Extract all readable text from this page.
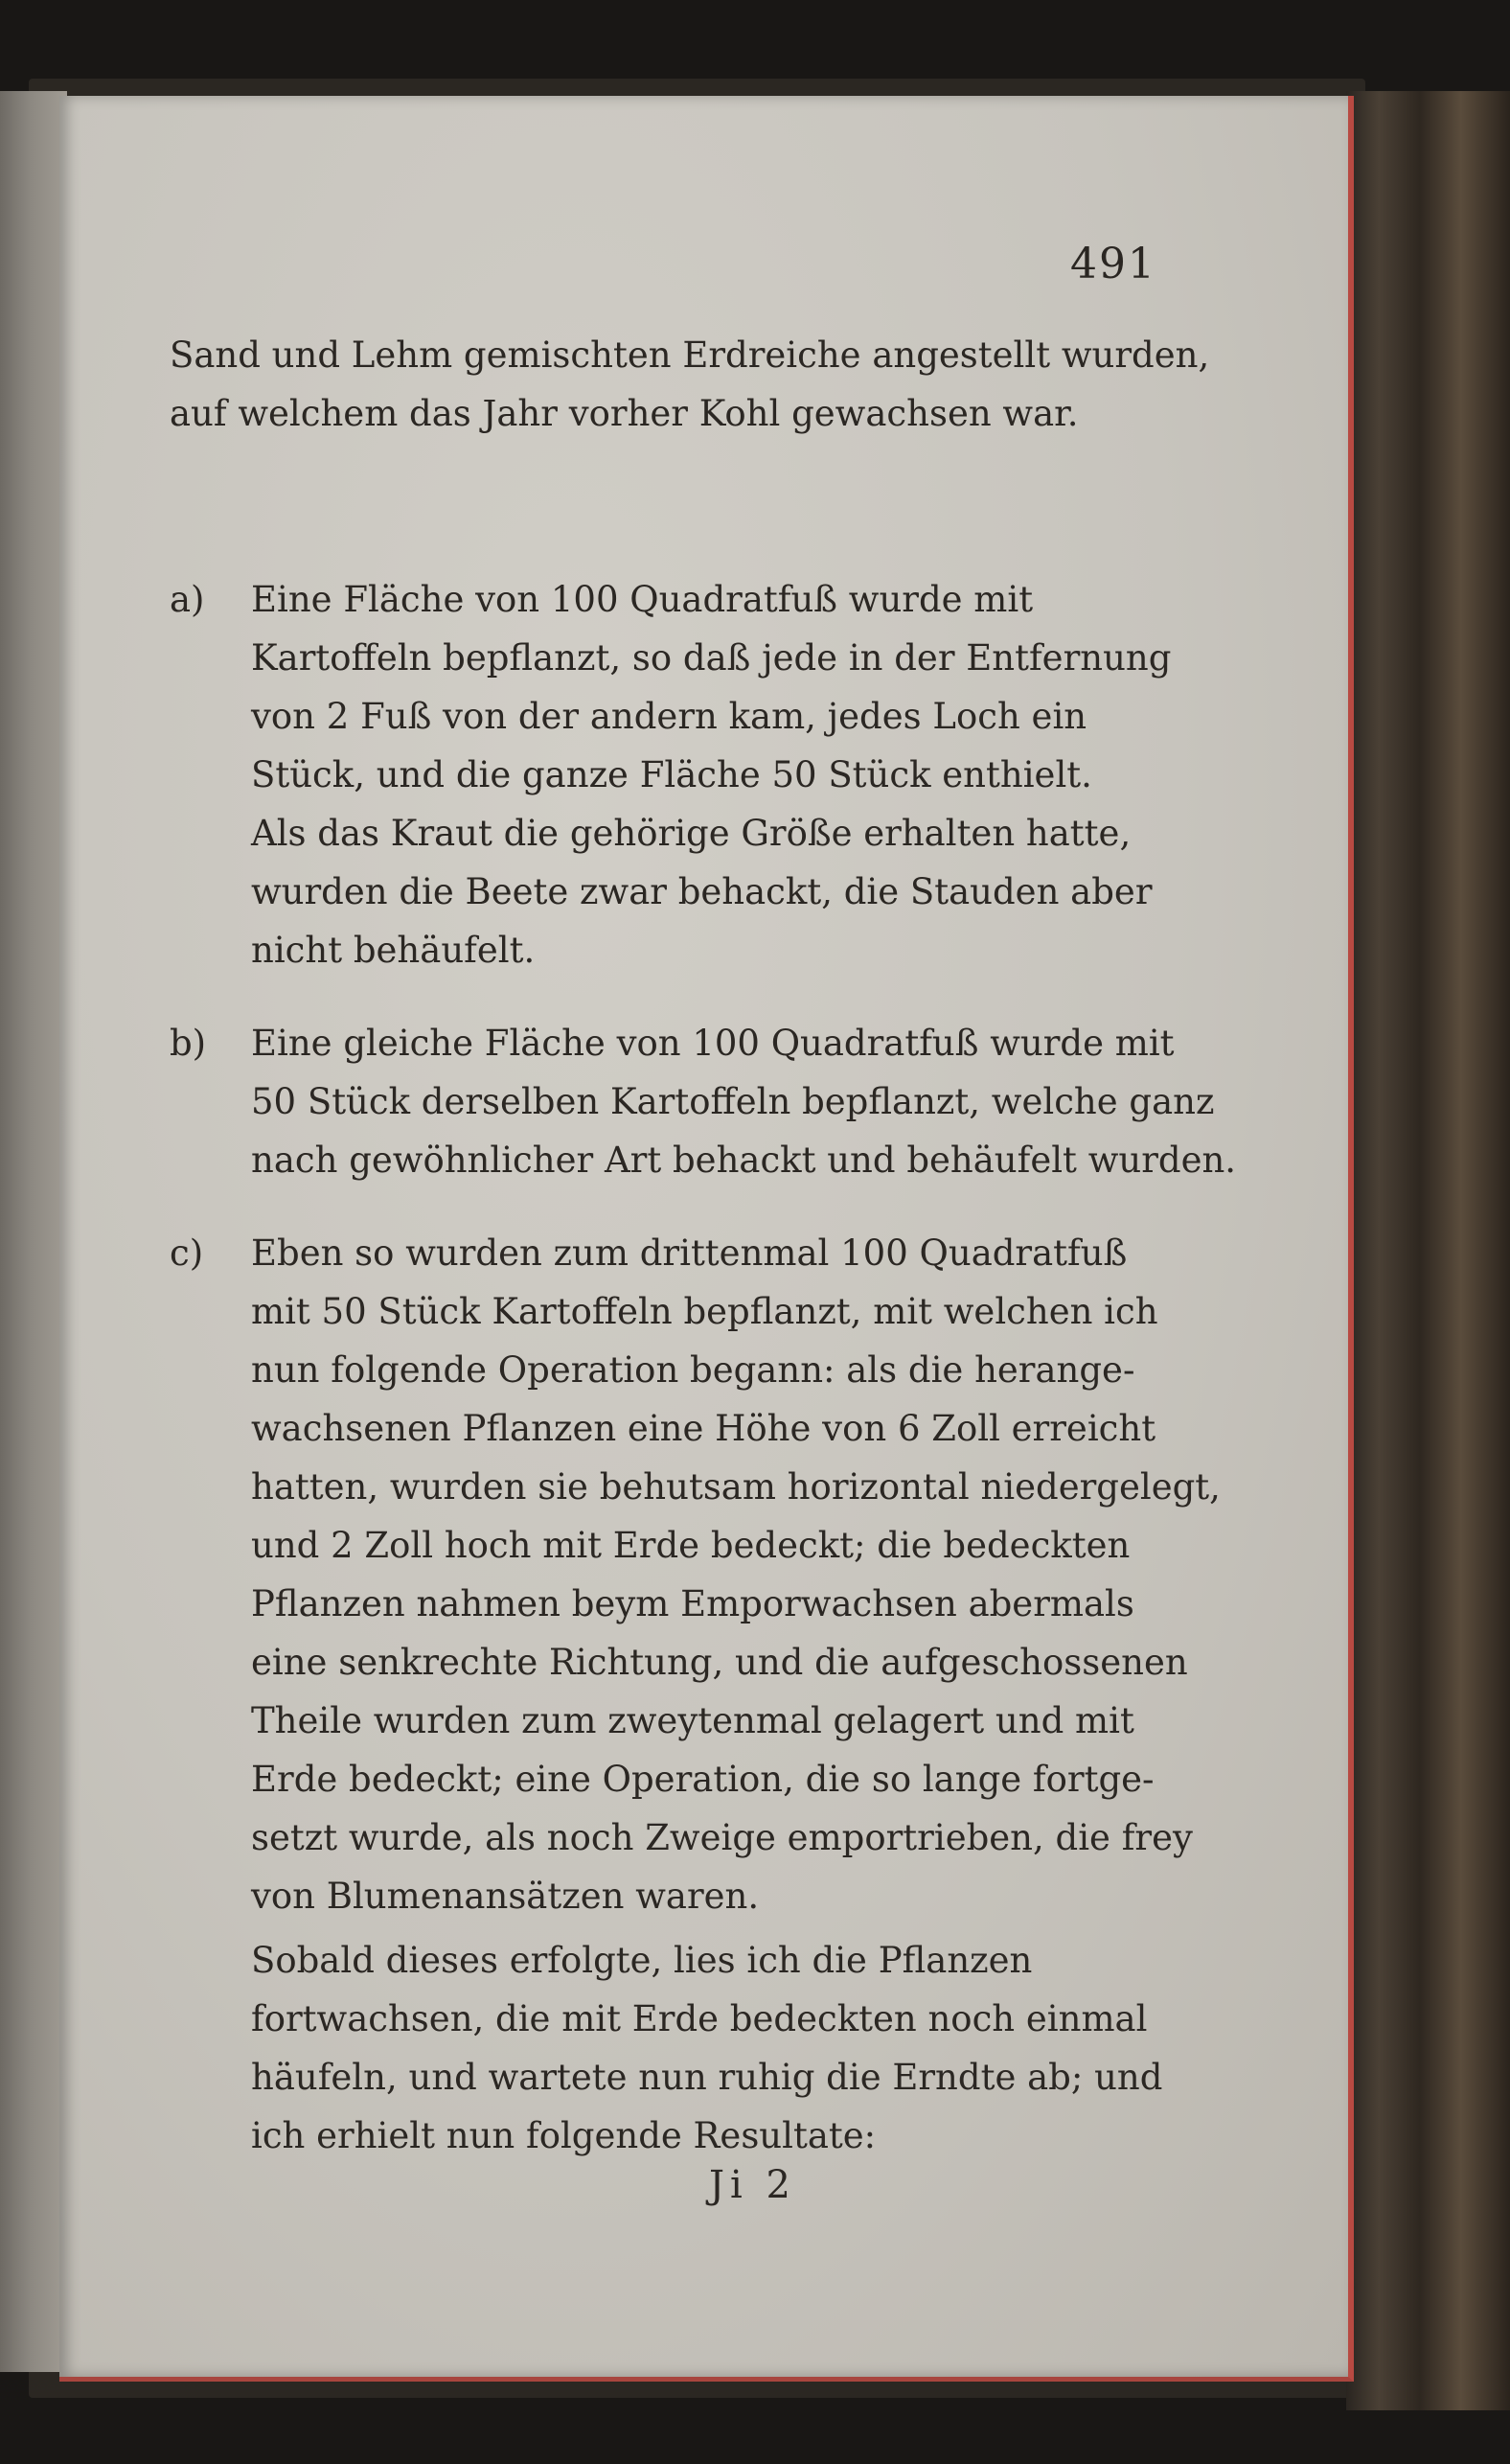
491
Sand und Lehm gemischten Erdreiche angestellt wurden,
auf welchem das Jahr vorher Kohl gewachsen war.
a)	Eine Fläche von 100 Quadratfuß wurde mit
Kartoffeln bepflanzt, so daß jede in der Entfernung
von 2 Fuß von der andern kam, jedes Loch ein
Stück, und die ganze Fläche 50 Stück enthielt.
Als das Kraut die gehörige Größe erhalten hatte,
wurden die Beete zwar behackt, die Stauden aber
nicht behäufelt.
b)	Eine gleiche Fläche von 100 Quadratfuß wurde mit
50 Stück derselben Kartoffeln bepflanzt, welche ganz
nach gewöhnlicher Art behackt und behäufelt wurden.
c)	Eben so wurden zum drittenmal 100 Quadratfuß
mit 50 Stück Kartoffeln bepflanzt, mit welchen ich
nun folgende Operation begann: als die herange-
wachsenen Pflanzen eine Höhe von 6 Zoll erreicht
hatten, wurden sie behutsam horizontal niedergelegt,
und 2 Zoll hoch mit Erde bedeckt; die bedeckten
Pflanzen nahmen beym Emporwachsen abermals
eine senkrechte Richtung, und die aufgeschossenen
Theile wurden zum zweytenmal gelagert und mit
Erde bedeckt; eine Operation, die so lange fortge-
setzt wurde, als noch Zweige emportrieben, die frey
von Blumenansätzen waren.
Sobald dieses erfolgte, lies ich die Pflanzen
fortwachsen, die mit Erde bedeckten noch einmal
häufeln, und wartete nun ruhig die Erndte ab; und
ich erhielt nun folgende Resultate:
Ji 2
